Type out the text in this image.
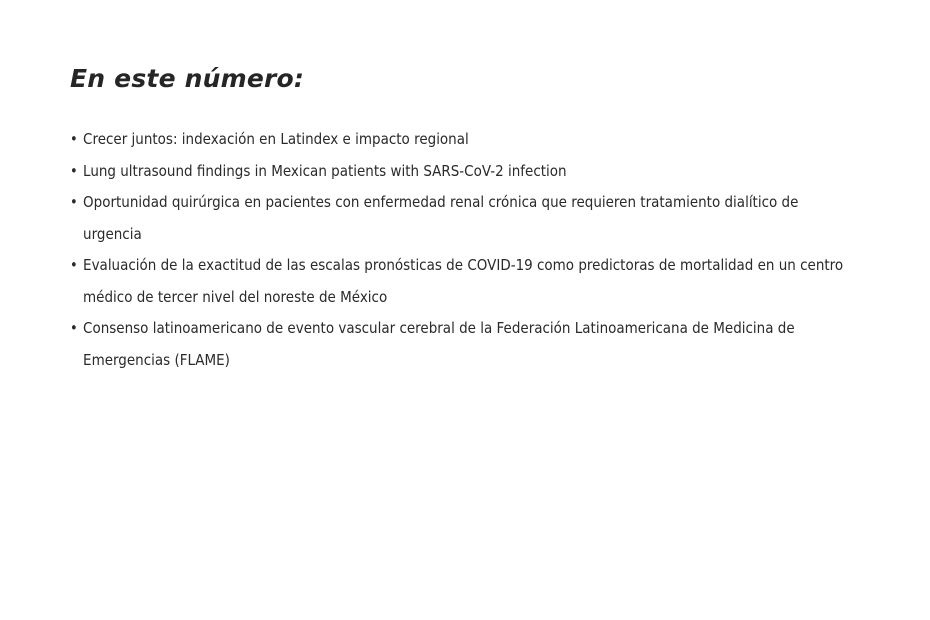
En este número:
• Crecer juntos: indexación en Latindex e impacto regional
• Lung ultrasound findings in Mexican patients with SARS-CoV-2 infection
• Oportunidad quirúrgica en pacientes con enfermedad renal crónica que requieren tratamiento dialítico de urgencia
• Evaluación de la exactitud de las escalas pronósticas de COVID-19 como predictoras de mortalidad en un centro médico de tercer nivel del noreste de México
• Consenso latinoamericano de evento vascular cerebral de la Federación Latinoamericana de Medicina de Emergencias (FLAME)
